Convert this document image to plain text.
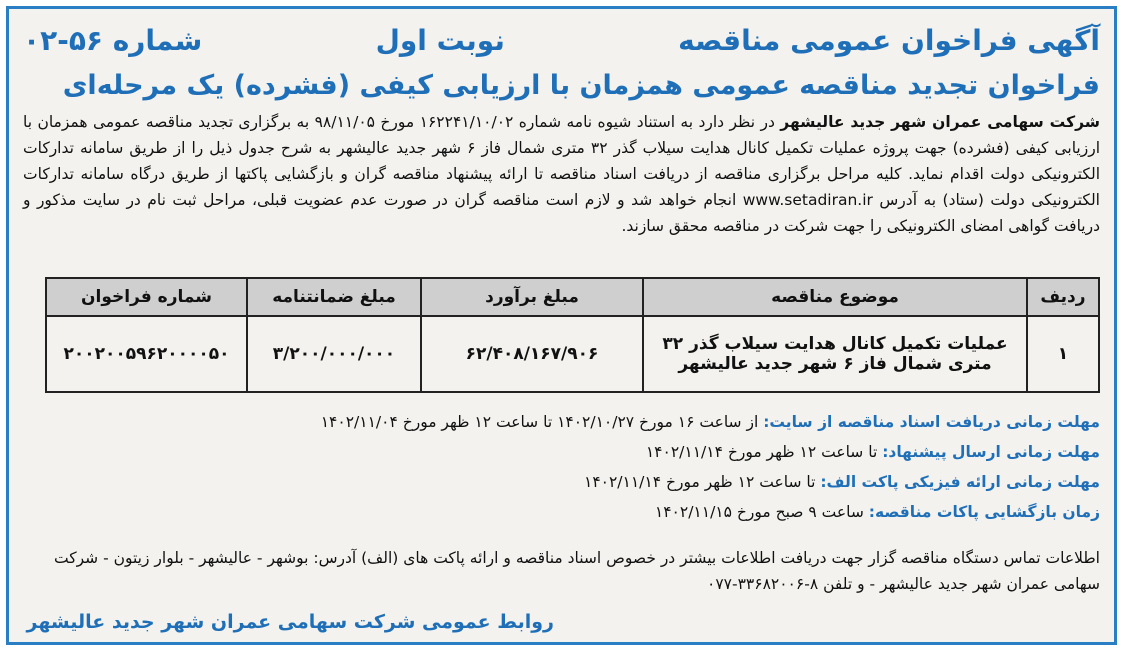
آگهی فراخوان عمومی مناقصه
نوبت اول
شماره ۵۶-۰۲
فراخوان تجدید مناقصه عمومی همزمان با ارزیابی کیفی (فشرده) یک مرحله‌ای

شرکت سهامی عمران شهر جدید عالیشهر در نظر دارد به استناد شیوه نامه شماره ۱۶۲۲۴۱/۱۰/۰۲ مورخ ۹۸/۱۱/۰۵ به برگزاری تجدید مناقصه عمومی همزمان با ارزیابی کیفی (فشرده) جهت پروژه عملیات تکمیل کانال هدایت سیلاب گذر ۳۲ متری شمال فاز ۶ شهر جدید عالیشهر به شرح جدول ذیل را از طریق سامانه تدارکات الکترونیکی دولت اقدام نماید. کلیه مراحل برگزاری مناقصه از دریافت اسناد مناقصه تا ارائه پیشنهاد مناقصه گران و بازگشایی پاکتها از طریق درگاه سامانه تدارکات الکترونیکی دولت (ستاد) به آدرس www.setadiran.ir انجام خواهد شد و لازم است مناقصه گران در صورت عدم عضویت قبلی، مراحل ثبت نام در سایت مذکور و دریافت گواهی امضای الکترونیکی را جهت شرکت در مناقصه محقق سازند.

ردیف	موضوع مناقصه	مبلغ برآورد	مبلغ ضمانتنامه	شماره فراخوان
۱	عملیات تکمیل کانال هدایت سیلاب گذر ۳۲ متری شمال فاز ۶ شهر جدید عالیشهر	۶۲/۴۰۸/۱۶۷/۹۰۶	۳/۲۰۰/۰۰۰/۰۰۰	۲۰۰۲۰۰۵۹۶۲۰۰۰۰۵۰
مهلت زمانی دریافت اسناد مناقصه از سایت: از ساعت ۱۶ مورخ ۱۴۰۲/۱۰/۲۷ تا ساعت ۱۲ ظهر مورخ ۱۴۰۲/۱۱/۰۴
مهلت زمانی ارسال پیشنهاد: تا ساعت ۱۲ ظهر مورخ ۱۴۰۲/۱۱/۱۴
مهلت زمانی ارائه فیزیکی پاکت الف: تا ساعت ۱۲ ظهر مورخ ۱۴۰۲/۱۱/۱۴
زمان بازگشایی پاکات مناقصه: ساعت ۹ صبح مورخ ۱۴۰۲/۱۱/۱۵

اطلاعات تماس دستگاه مناقصه گزار جهت دریافت اطلاعات بیشتر در خصوص اسناد مناقصه و ارائه پاکت های (الف) آدرس: بوشهر - عالیشهر - بلوار زیتون - شرکت سهامی عمران شهر جدید عالیشهر - و تلفن ۸-۳۳۶۸۲۰۰۶-۰۷۷

روابط عمومی شرکت سهامی عمران شهر جدید عالیشهر
